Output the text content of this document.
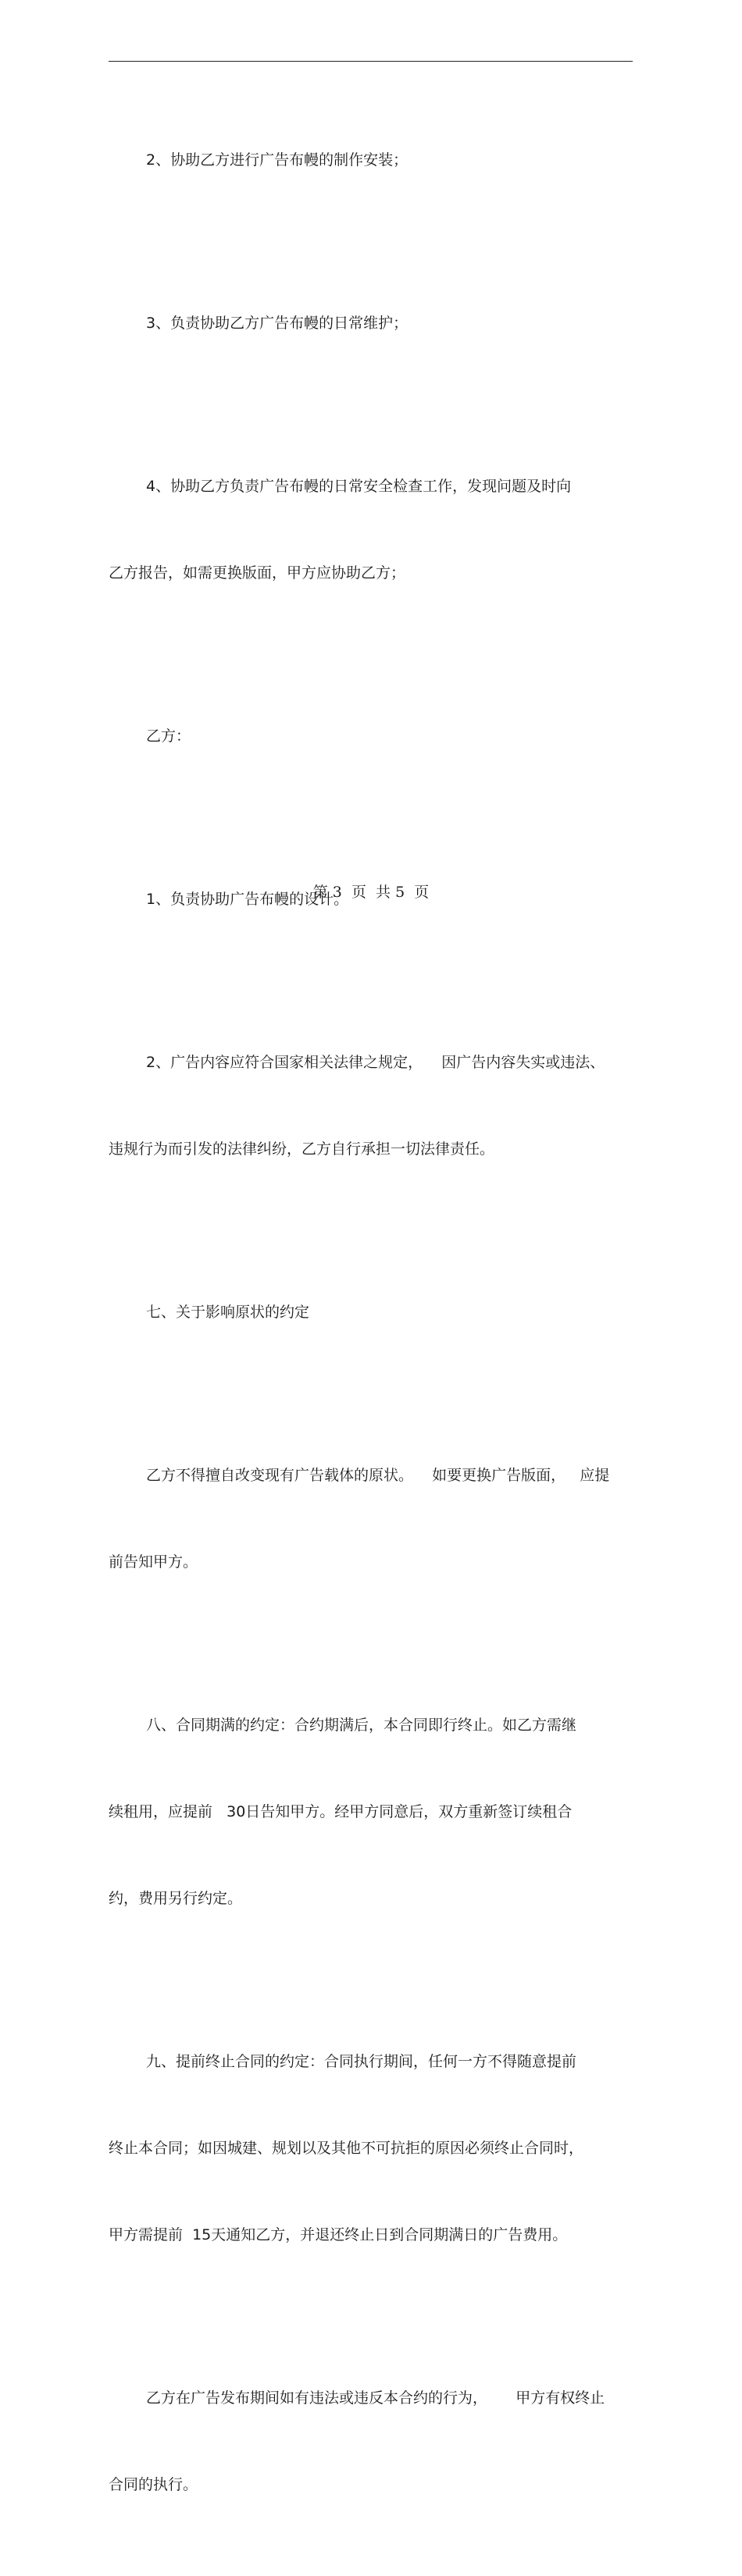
2、协助乙方进行广告布幔的制作安装；

3、负责协助乙方广告布幔的日常维护；

4、协助乙方负责广告布幔的日常安全检查工作，发现问题及时向

乙方报告，如需更换版面，甲方应协助乙方；

乙方：

1、负责协助广告布幔的设计。

2、广告内容应符合国家相关法律之规定，    因广告内容失实或违法、

违规行为而引发的法律纠纷，乙方自行承担一切法律责任。

七、关于影响原状的约定

乙方不得擅自改变现有广告载体的原状。    如要更换广告版面，   应提

前告知甲方。

八、合同期满的约定：合约期满后，本合同即行终止。如乙方需继

续租用，应提前   30日告知甲方。经甲方同意后，双方重新签订续租合

约，费用另行约定。

九、提前终止合同的约定：合同执行期间，任何一方不得随意提前

终止本合同；如因城建、规划以及其他不可抗拒的原因必须终止合同时，

甲方需提前  15天通知乙方，并退还终止日到合同期满日的广告费用。

乙方在广告发布期间如有违法或违反本合约的行为，      甲方有权终止

合同的执行。

第 3  页  共 5  页
